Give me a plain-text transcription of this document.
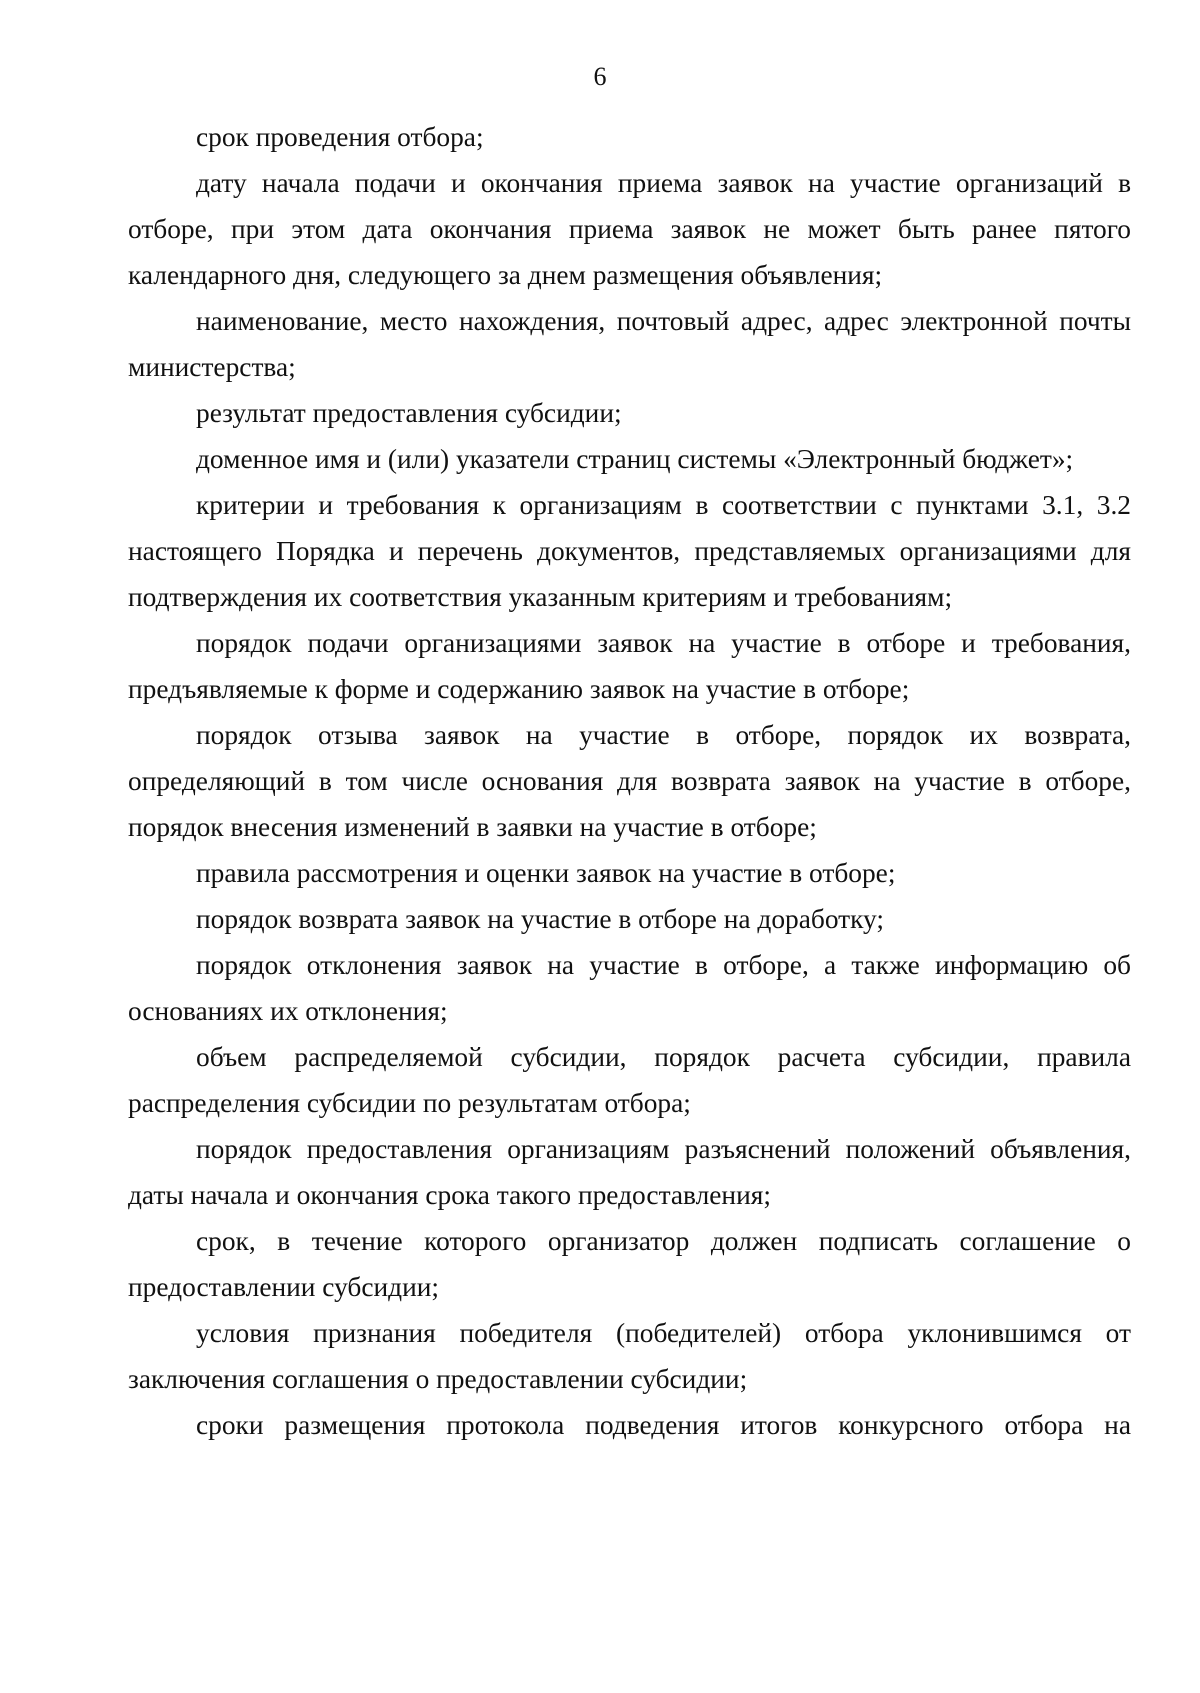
6

срок проведения отбора;

дату начала подачи и окончания приема заявок на участие организаций в отборе, при этом дата окончания приема заявок не может быть ранее пятого календарного дня, следующего за днем размещения объявления;

наименование, место нахождения, почтовый адрес, адрес электронной почты министерства;

результат предоставления субсидии;

доменное имя и (или) указатели страниц системы «Электронный бюджет»;

критерии и требования к организациям в соответствии с пунктами 3.1, 3.2 настоящего Порядка и перечень документов, представляемых организациями для подтверждения их соответствия указанным критериям и требованиям;

порядок подачи организациями заявок на участие в отборе и требования, предъявляемые к форме и содержанию заявок на участие в отборе;

порядок отзыва заявок на участие в отборе, порядок их возврата, определяющий в том числе основания для возврата заявок на участие в отборе, порядок внесения изменений в заявки на участие в отборе;

правила рассмотрения и оценки заявок на участие в отборе;

порядок возврата заявок на участие в отборе на доработку;

порядок отклонения заявок на участие в отборе, а также информацию об основаниях их отклонения;

объем распределяемой субсидии, порядок расчета субсидии, правила распределения субсидии по результатам отбора;

порядок предоставления организациям разъяснений положений объявления, даты начала и окончания срока такого предоставления;

срок, в течение которого организатор должен подписать соглашение о предоставлении субсидии;

условия признания победителя (победителей) отбора уклонившимся от заключения соглашения о предоставлении субсидии;

сроки размещения протокола подведения итогов конкурсного отбора на
